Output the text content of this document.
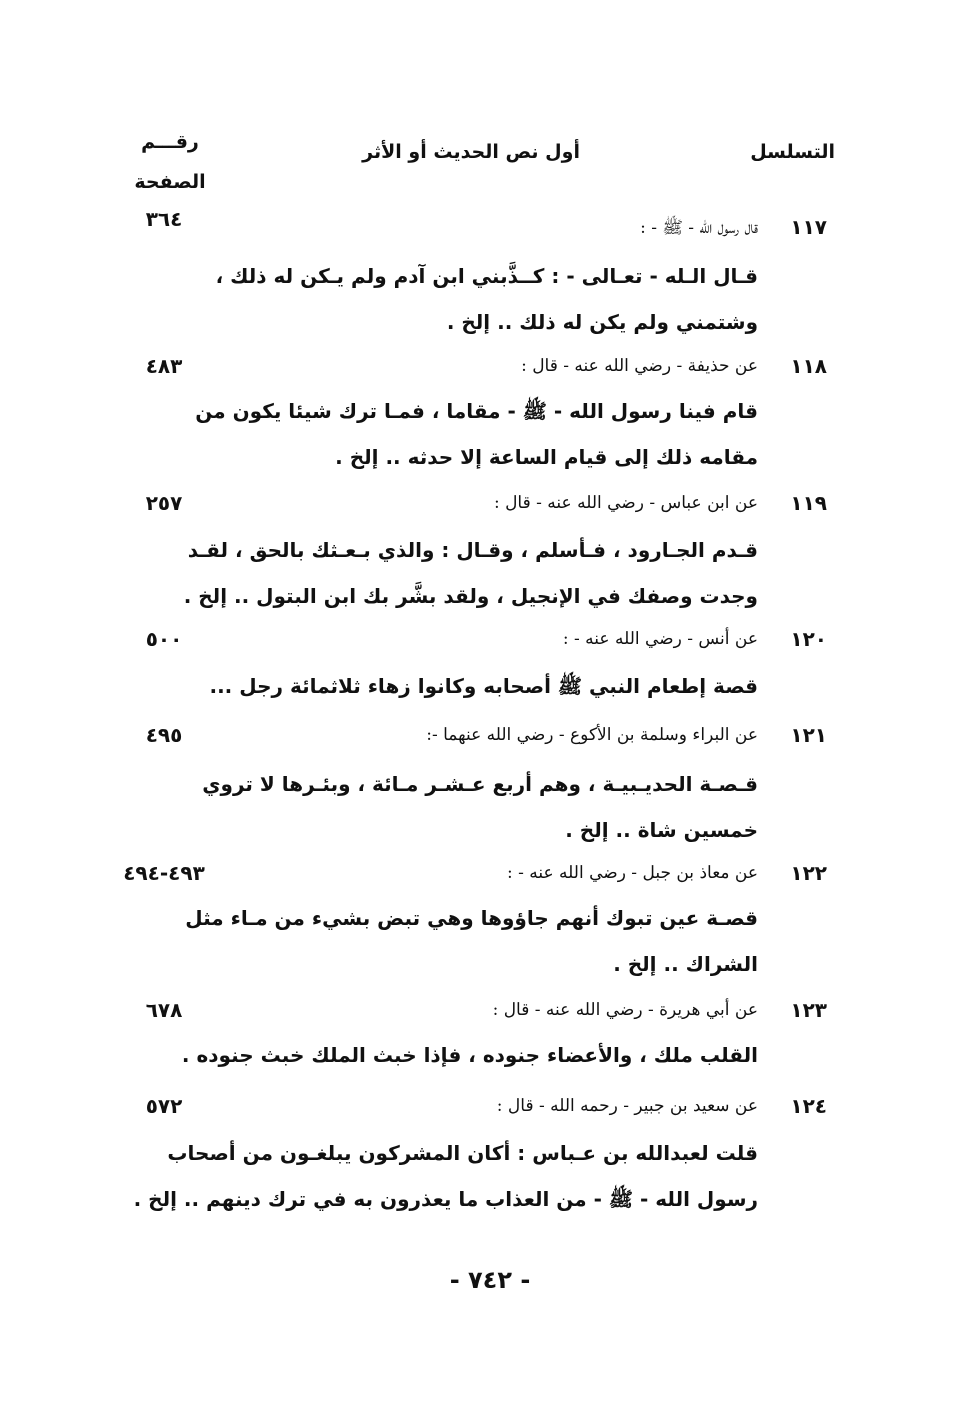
التسلسل
أول نص الحديث أو الأثر
رقـــم
الصفحة
١١٧
قال رسول الله - ﷺ - :
٣٦٤
قـال الـله - تعـالى - : كــذَّبني ابن آدم ولم يـكن له ذلك ،
وشتمني ولم يكن له ذلك .. إلخ .
١١٨
عن حذيفة - رضي الله عنه - قال :
٤٨٣
قام فينا رسول الله - ﷺ - مقاما ، فمـا ترك شيئا يكون من
مقامه ذلك إلى قيام الساعة إلا حدثه .. إلخ .
١١٩
عن ابن عباس - رضي الله عنه - قال :
٢٥٧
قـدم الجـارود ، فـأسلم ، وقـال : والذي بـعـثك بالحق ، لقـد
وجدت وصفك في الإنجيل ، ولقد بشَّر بك ابن البتول .. إلخ .
١٢٠
عن أنس - رضي الله عنه - :
٥٠٠
قصة إطعام النبي ﷺ أصحابه وكانوا زهاء ثلاثمائة رجل ...
١٢١
عن البراء وسلمة بن الأكوع - رضي الله عنهما -:
٤٩٥
قـصـة الحديـبيـة ، وهم أربع عـشـر مـائة ، وبئـرها لا تروي
خمسين شاة .. إلخ .
١٢٢
عن معاذ بن جبل - رضي الله عنه - :
٤٩٣-٤٩٤
قصـة عين تبوك أنهم جاؤوها وهي تبض بشيء من مـاء مثل
الشراك .. إلخ .
١٢٣
عن أبي هريرة - رضي الله عنه - قال :
٦٧٨
القلب ملك ، والأعضاء جنوده ، فإذا خبث الملك خبث جنوده .
١٢٤
عن سعيد بن جبير - رحمه الله - قال :
٥٧٢
قلت لعبدالله بن عـباس : أكان المشركون يبلغـون من أصحاب
رسول الله - ﷺ - من العذاب ما يعذرون به في ترك دينهم .. إلخ .
- ٧٤٢ -
